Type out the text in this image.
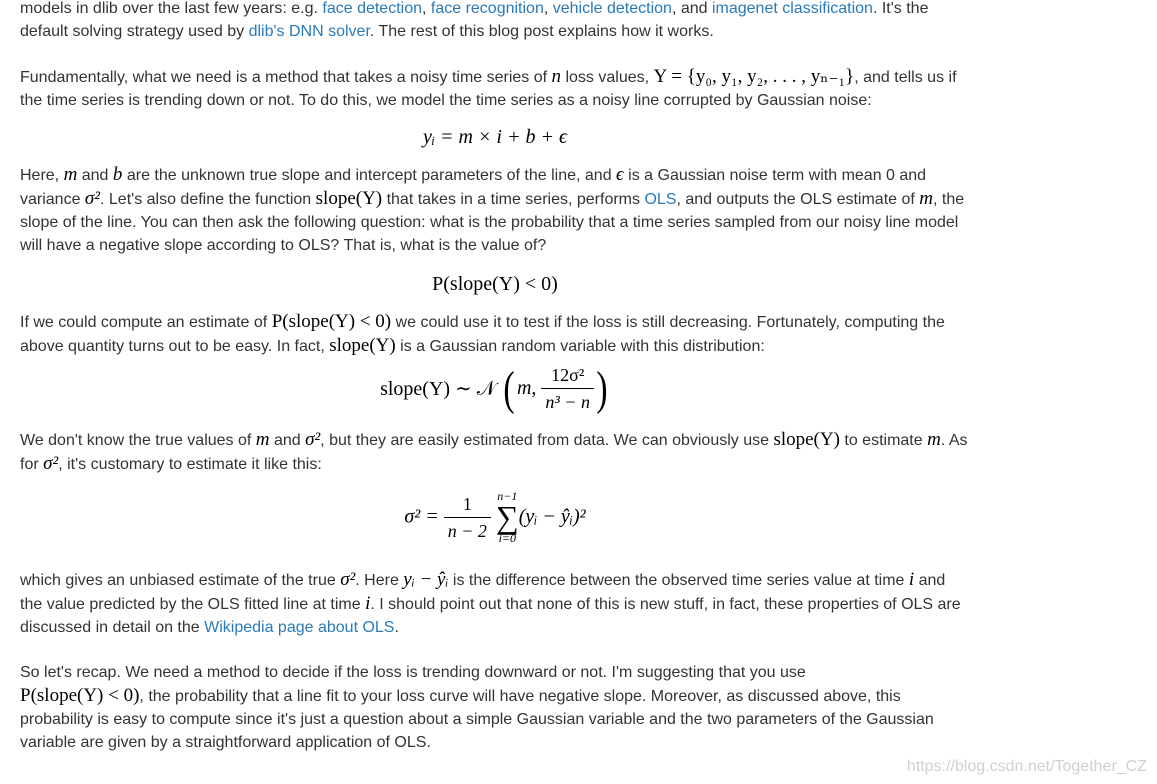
models in dlib over the last few years: e.g. face detection, face recognition, vehicle detection, and imagenet classification. It's the default solving strategy used by dlib's DNN solver. The rest of this blog post explains how it works.

Fundamentally, what we need is a method that takes a noisy time series of n loss values, Y = {y₀, y₁, y₂, . . . , yₙ₋₁}, and tells us if the time series is trending down or not. To do this, we model the time series as a noisy line corrupted by Gaussian noise:

yᵢ = m × i + b + ϵ

Here, m and b are the unknown true slope and intercept parameters of the line, and ϵ is a Gaussian noise term with mean 0 and variance σ². Let's also define the function slope(Y) that takes in a time series, performs OLS, and outputs the OLS estimate of m, the slope of the line. You can then ask the following question: what is the probability that a time series sampled from our noisy line model will have a negative slope according to OLS? That is, what is the value of?

P(slope(Y) < 0)

If we could compute an estimate of P(slope(Y) < 0) we could use it to test if the loss is still decreasing. Fortunately, computing the above quantity turns out to be easy. In fact, slope(Y) is a Gaussian random variable with this distribution:

slope(Y) ∼ 𝒩 ( m, $\frac{\text{12σ²}}{\text{n³ − n}}$ )

We don't know the true values of m and σ², but they are easily estimated from data. We can obviously use slope(Y) to estimate m. As for σ², it's customary to estimate it like this:

$\sigma^2 = \frac{1}{n - 2}$
n−1
∑
i=0
(yᵢ − ŷᵢ)²

which gives an unbiased estimate of the true σ². Here yᵢ − ŷᵢ is the difference between the observed time series value at time i and the value predicted by the OLS fitted line at time i. I should point out that none of this is new stuff, in fact, these properties of OLS are discussed in detail on the Wikipedia page about OLS.

So let's recap. We need a method to decide if the loss is trending downward or not. I'm suggesting that you use
P(slope(Y) < 0), the probability that a line fit to your loss curve will have negative slope. Moreover, as discussed above, this probability is easy to compute since it's just a question about a simple Gaussian variable and the two parameters of the Gaussian variable are given by a straightforward application of OLS.

https://blog.csdn.net/Together_CZ
